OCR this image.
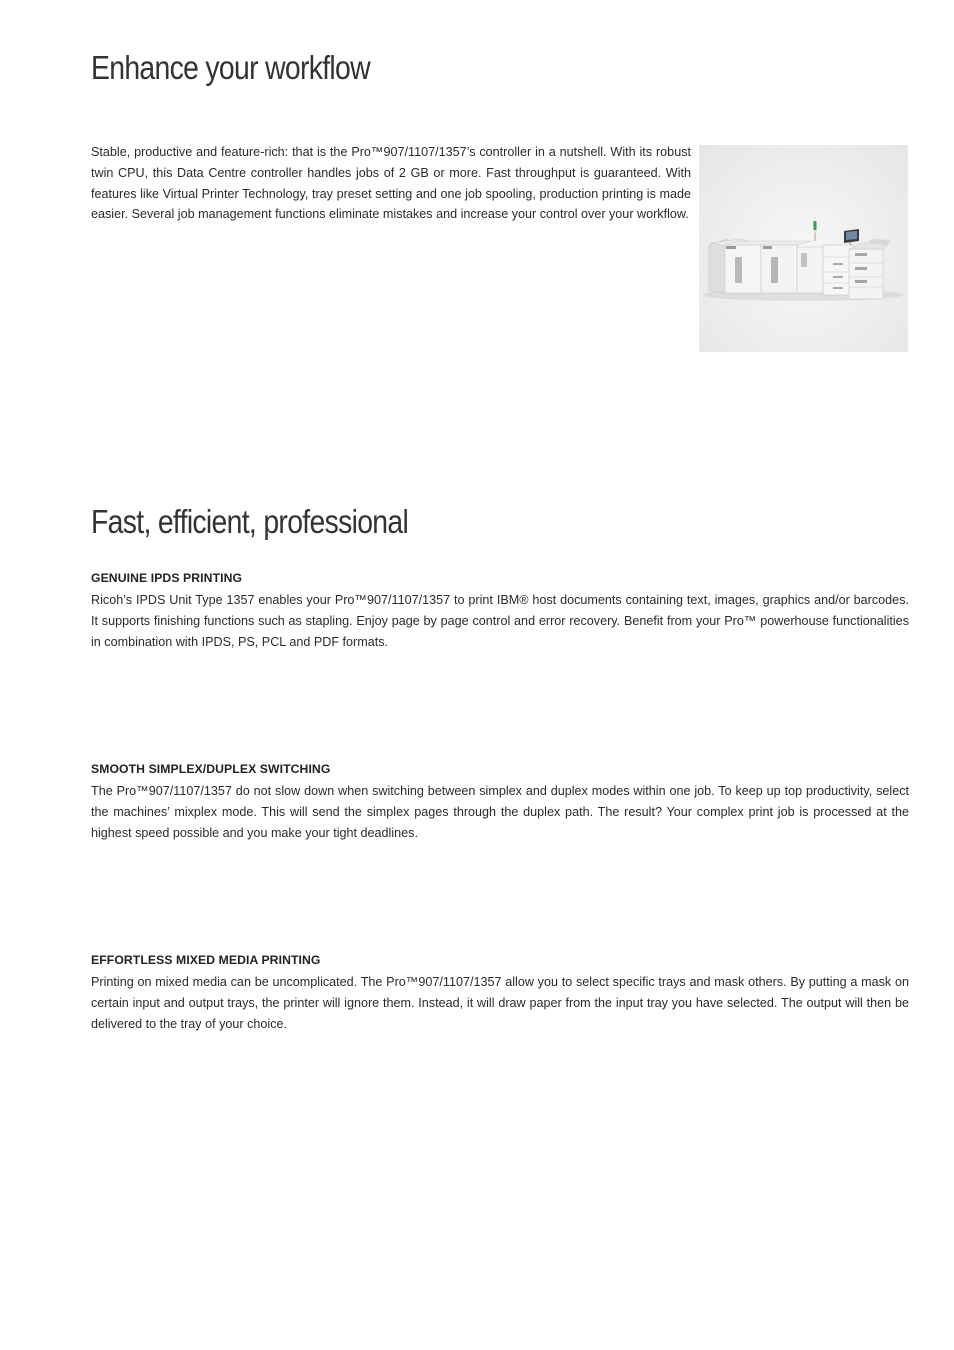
Enhance your workflow

Stable, productive and feature-rich: that is the Pro™907/1107/1357’s controller in a nutshell. With its robust twin CPU, this Data Centre controller handles jobs of 2 GB or more. Fast throughput is guaranteed. With features like Virtual Printer Technology, tray preset setting and one job spooling, production printing is made easier. Several job management functions eliminate mistakes and increase your control over your workflow.

Fast, efficient, professional
GENUINE IPDS PRINTING

Ricoh’s IPDS Unit Type 1357 enables your Pro™907/1107/1357 to print IBM® host documents containing text, images, graphics and/or barcodes. It supports finishing functions such as stapling. Enjoy page by page control and error recovery. Benefit from your Pro™ powerhouse functionalities in combination with IPDS, PS, PCL and PDF formats.

SMOOTH SIMPLEX/DUPLEX SWITCHING

The Pro™907/1107/1357 do not slow down when switching between simplex and duplex modes within one job. To keep up top productivity, select the machines’ mixplex mode. This will send the simplex pages through the duplex path. The result? Your complex print job is processed at the highest speed possible and you make your tight deadlines.

EFFORTLESS MIXED MEDIA PRINTING

Printing on mixed media can be uncomplicated. The Pro™907/1107/1357 allow you to select specific trays and mask others. By putting a mask on certain input and output trays, the printer will ignore them. Instead, it will draw paper from the input tray you have selected. The output will then be delivered to the tray of your choice.
